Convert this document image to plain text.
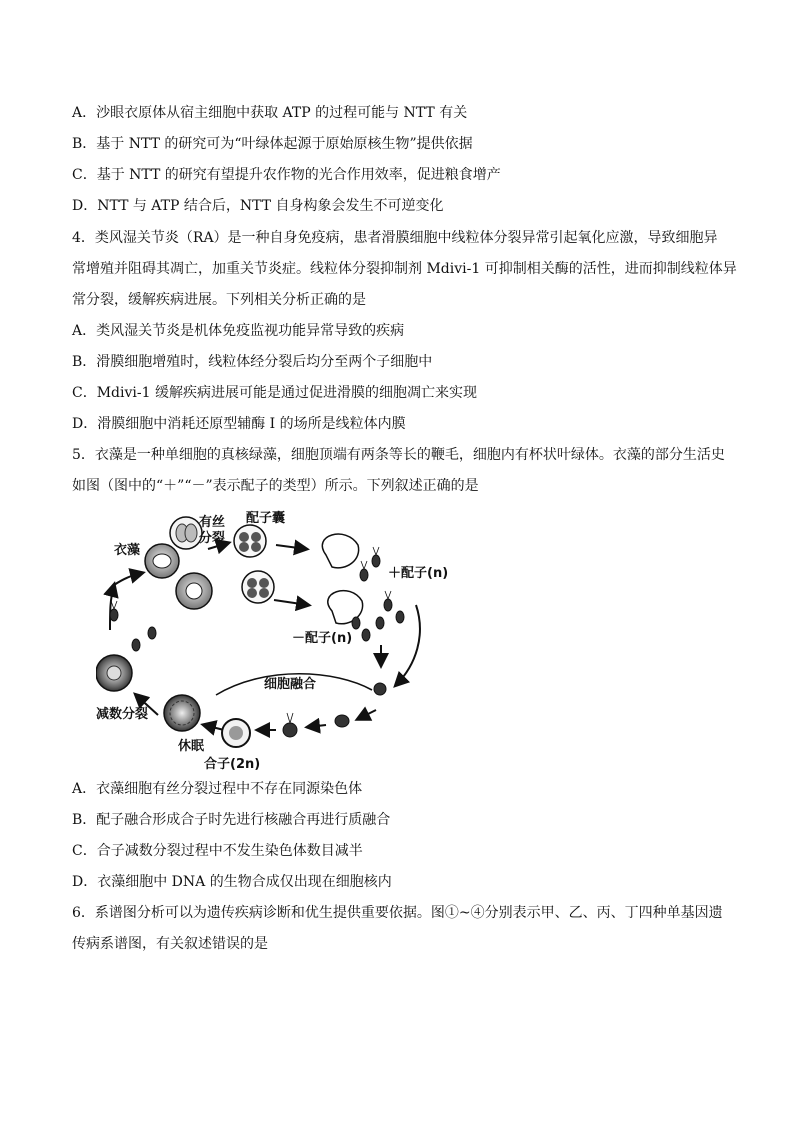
A．沙眼衣原体从宿主细胞中获取 ATP 的过程可能与 NTT 有关
B．基于 NTT 的研究可为“叶绿体起源于原始原核生物”提供依据
C．基于 NTT 的研究有望提升农作物的光合作用效率，促进粮食增产
D．NTT 与 ATP 结合后，NTT 自身构象会发生不可逆变化
4．类风湿关节炎（RA）是一种自身免疫病，患者滑膜细胞中线粒体分裂异常引起氧化应激，导致细胞异
常增殖并阻碍其凋亡，加重关节炎症。线粒体分裂抑制剂 Mdivi-1 可抑制相关酶的活性，进而抑制线粒体异
常分裂，缓解疾病进展。下列相关分析正确的是
A．类风湿关节炎是机体免疫监视功能异常导致的疾病
B．滑膜细胞增殖时，线粒体经分裂后均分至两个子细胞中
C．Mdivi-1 缓解疾病进展可能是通过促进滑膜的细胞凋亡来实现
D．滑膜细胞中消耗还原型辅酶 I 的场所是线粒体内膜
5．衣藻是一种单细胞的真核绿藻，细胞顶端有两条等长的鞭毛，细胞内有杯状叶绿体。衣藻的部分生活史
如图（图中的“＋”“－”表示配子的类型）所示。下列叙述正确的是
衣藻
有丝
分裂
配子囊
＋配子(n)
－配子(n)
细胞融合
减数分裂
休眠
合子(2n)
A．衣藻细胞有丝分裂过程中不存在同源染色体
B．配子融合形成合子时先进行核融合再进行质融合
C．合子减数分裂过程中不发生染色体数目减半
D．衣藻细胞中 DNA 的生物合成仅出现在细胞核内
6．系谱图分析可以为遗传疾病诊断和优生提供重要依据。图①~④分别表示甲、乙、丙、丁四种单基因遗
传病系谱图，有关叙述错误的是
